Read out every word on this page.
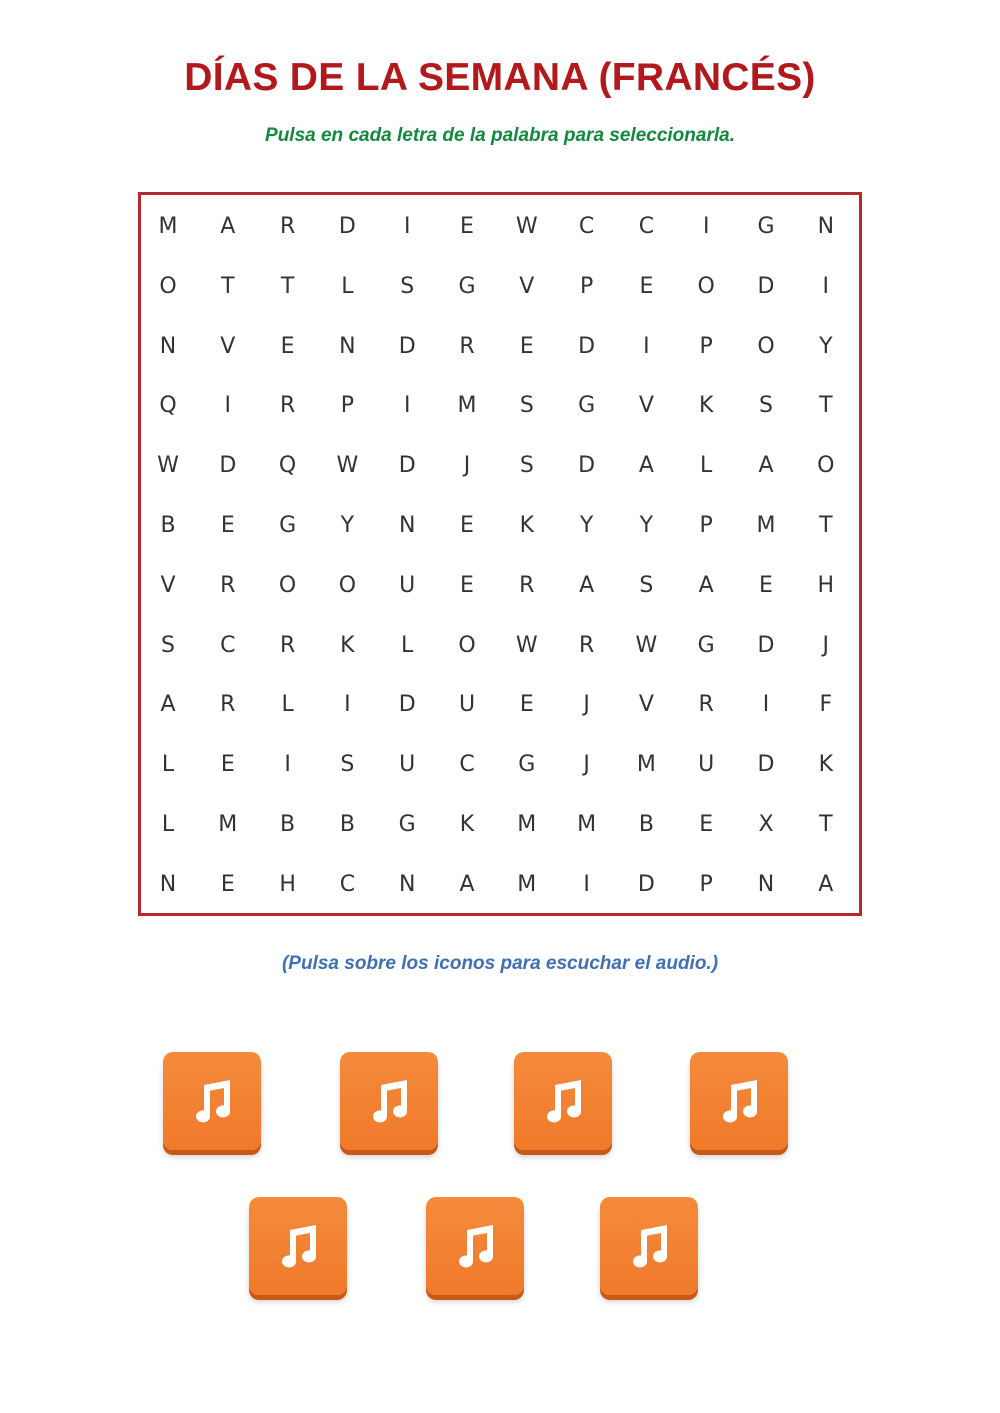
DÍAS DE LA SEMANA (FRANCÉS)
Pulsa en cada letra de la palabra para seleccionarla.
M	A	R	D	I	E	W	C	C	I	G	N
O	T	T	L	S	G	V	P	E	O	D	I
N	V	E	N	D	R	E	D	I	P	O	Y
Q	I	R	P	I	M	S	G	V	K	S	T
W	D	Q	W	D	J	S	D	A	L	A	O
B	E	G	Y	N	E	K	Y	Y	P	M	T
V	R	O	O	U	E	R	A	S	A	E	H
S	C	R	K	L	O	W	R	W	G	D	J
A	R	L	I	D	U	E	J	V	R	I	F
L	E	I	S	U	C	G	J	M	U	D	K
L	M	B	B	G	K	M	M	B	E	X	T
N	E	H	C	N	A	M	I	D	P	N	A
(Pulsa sobre los iconos para escuchar el audio.)
